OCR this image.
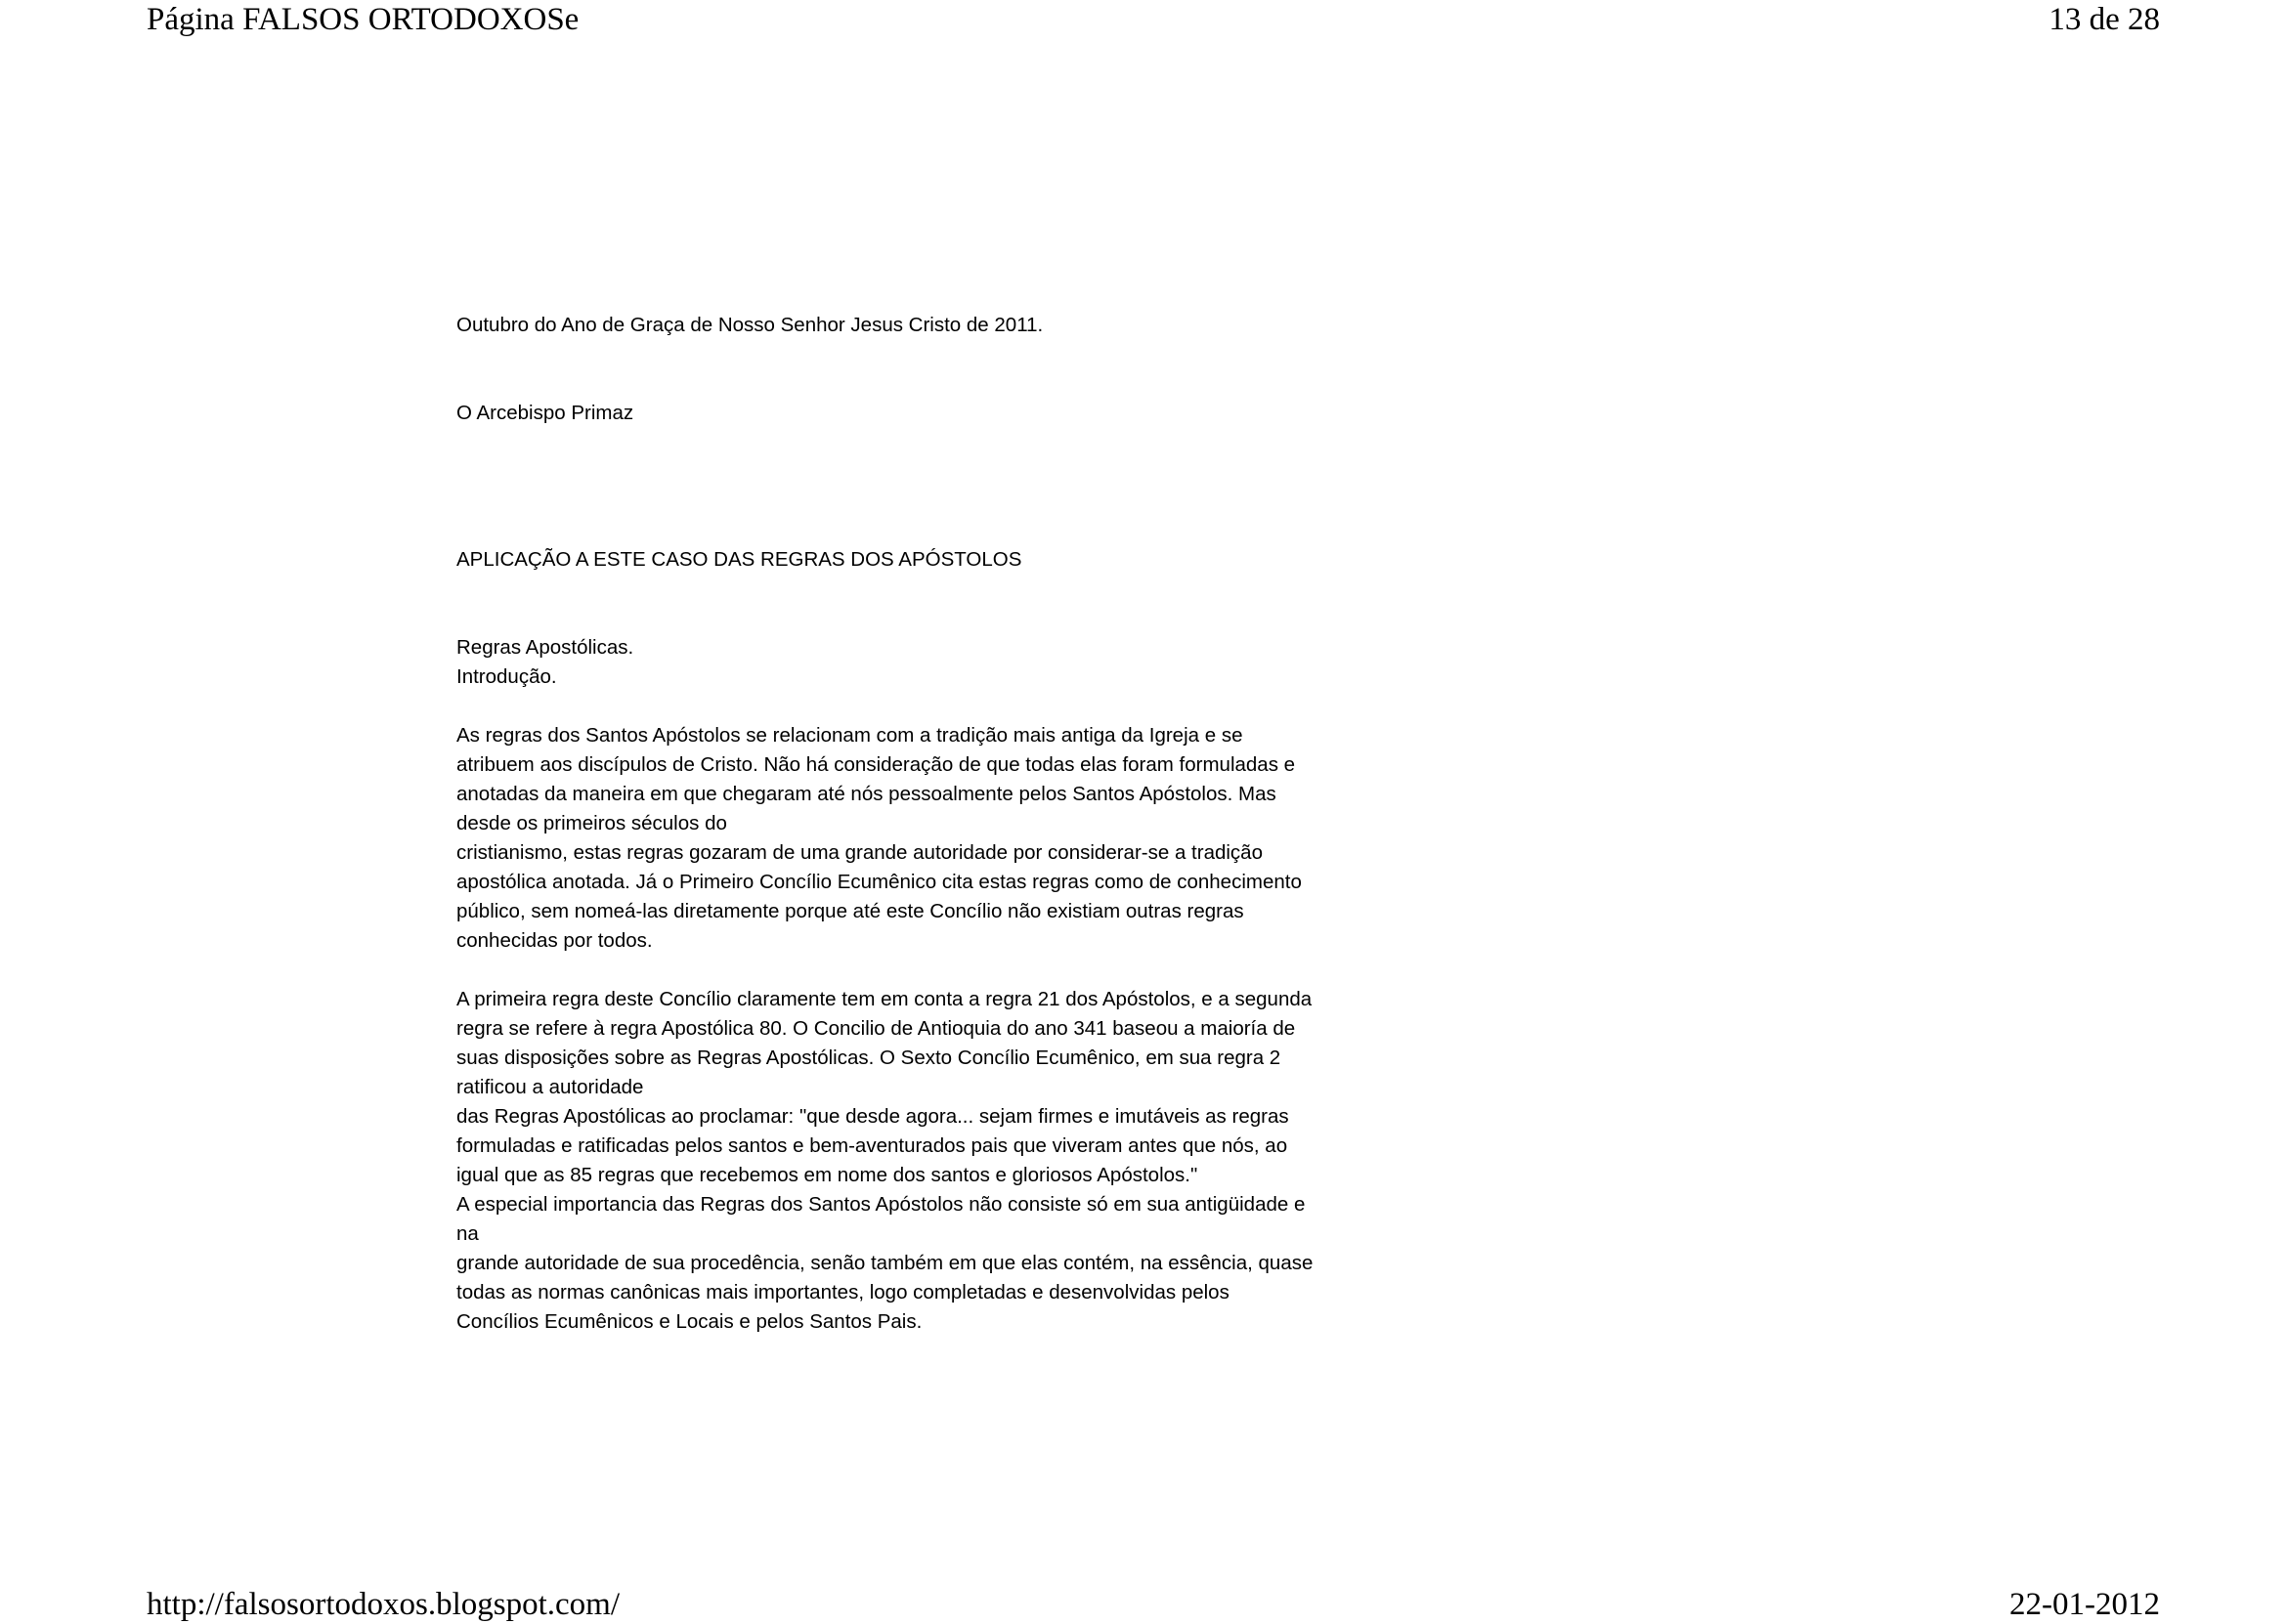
Página FALSOS ORTODOXOSe	13 de 28
Outubro do Ano de Graça de Nosso Senhor Jesus Cristo de 2011.
O Arcebispo Primaz
APLICAÇÃO A ESTE CASO DAS REGRAS DOS APÓSTOLOS
Regras Apostólicas.
Introdução.
As regras dos Santos Apóstolos se relacionam com a tradição mais antiga da Igreja e se
atribuem aos discípulos de Cristo. Não há consideração de que todas elas foram formuladas e
anotadas da maneira em que chegaram até nós pessoalmente pelos Santos Apóstolos. Mas
desde os primeiros séculos do
cristianismo, estas regras gozaram de uma grande autoridade por considerar-se a tradição
apostólica anotada. Já o Primeiro Concílio Ecumênico cita estas regras como de conhecimento
público, sem nomeá-las diretamente porque até este Concílio não existiam outras regras
conhecidas por todos.
A primeira regra deste Concílio claramente tem em conta a regra 21 dos Apóstolos, e a segunda
regra se refere à regra Apostólica 80. O Concilio de Antioquia do ano 341 baseou a maioría de
suas disposições sobre as Regras Apostólicas. O Sexto Concílio Ecumênico, em sua regra 2
ratificou a autoridade
das Regras Apostólicas ao proclamar: "que desde agora... sejam firmes e imutáveis as regras
formuladas e ratificadas pelos santos e bem-aventurados pais que viveram antes que nós, ao
igual que as 85 regras que recebemos em nome dos santos e gloriosos Apóstolos."
A especial importancia das Regras dos Santos Apóstolos não consiste só em sua antigüidade e
na
grande autoridade de sua procedência, senão também em que elas contém, na essência, quase
todas as normas canônicas mais importantes, logo completadas e desenvolvidas pelos
Concílios Ecumênicos e Locais e pelos Santos Pais.
http://falsosortodoxos.blogspot.com/	22-01-2012
